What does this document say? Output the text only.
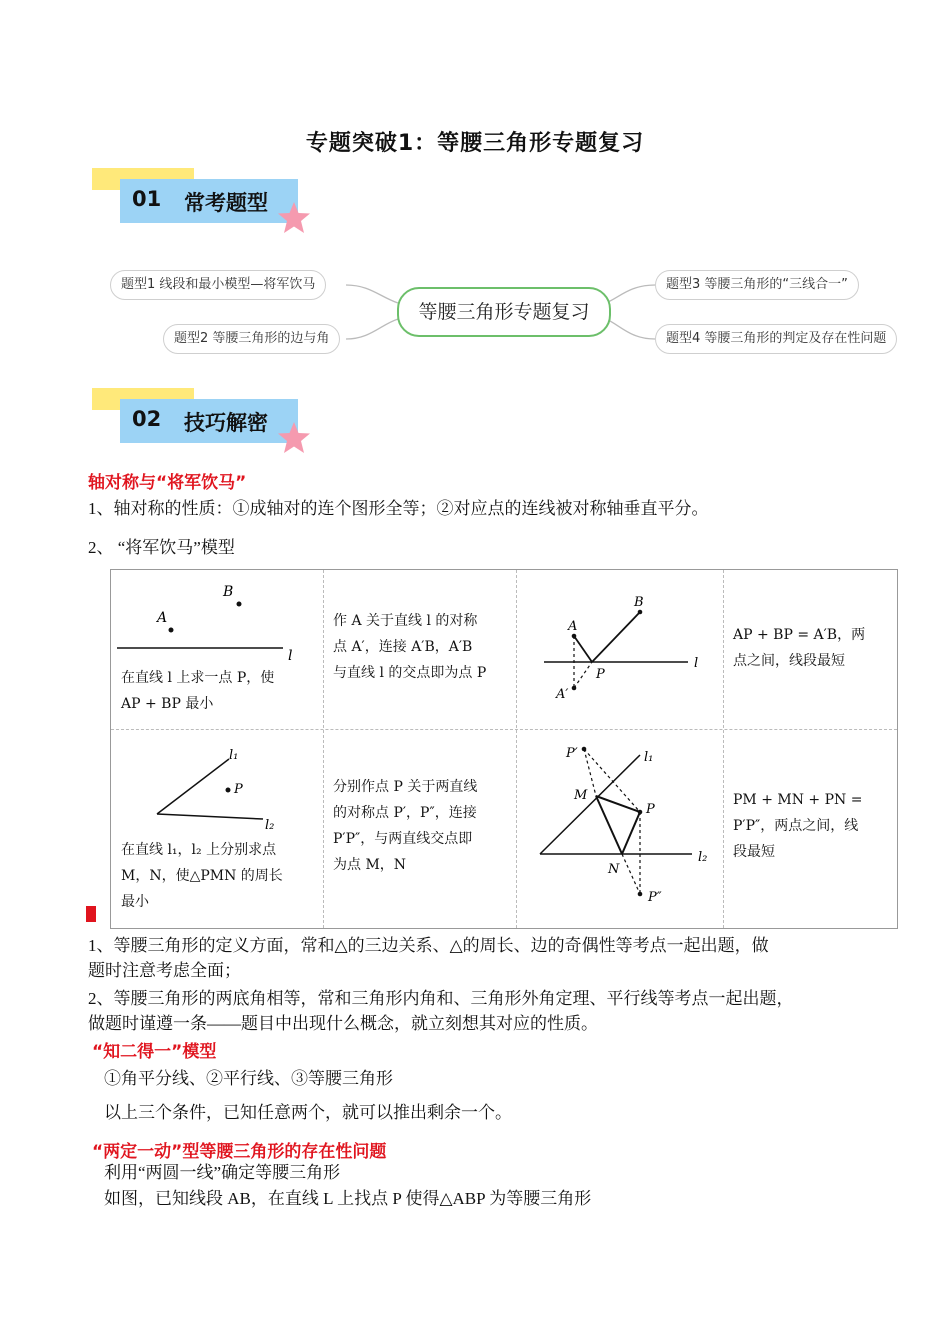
专题突破1：等腰三角形专题复习
01 常考题型
题型1 线段和最小模型—将军饮马
题型2 等腰三角形的边与角
等腰三角形专题复习
题型3 等腰三角形的“三线合一”
题型4 等腰三角形的判定及存在性问题
02 技巧解密
轴对称与“将军饮马”
1、轴对称的性质：①成轴对的连个图形全等；②对应点的连线被对称轴垂直平分。
2、 “将军饮马”模型
A
B
l
在直线 l 上求一点 P，使
AP + BP 最小
作 A 关于直线 l 的对称
点 A′，连接 A′B，A′B
与直线 l 的交点即为点 P
A
B
P
A′
l
AP + BP = A′B，两
点之间，线段最短
l₁
P
l₂
在直线 l₁，l₂ 上分别求点
M，N，使△PMN 的周长
最小
分别作点 P 关于两直线
的对称点 P′，P″，连接
P′P″，与两直线交点即
为点 M，N
P′	l₁
M
P
N
l₂
P″
PM + MN + PN =
P′P″，两点之间，线
段最短
1、等腰三角形的定义方面，常和△的三边关系、△的周长、边的奇偶性等考点一起出题，做
题时注意考虑全面；
2、等腰三角形的两底角相等，常和三角形内角和、三角形外角定理、平行线等考点一起出题，
做题时谨遵一条——题目中出现什么概念，就立刻想其对应的性质。
“知二得一”模型
①角平分线、②平行线、③等腰三角形
以上三个条件，已知任意两个，就可以推出剩余一个。
“两定一动”型等腰三角形的存在性问题
利用“两圆一线”确定等腰三角形
如图，已知线段 AB，在直线 L 上找点 P 使得△ABP 为等腰三角形
